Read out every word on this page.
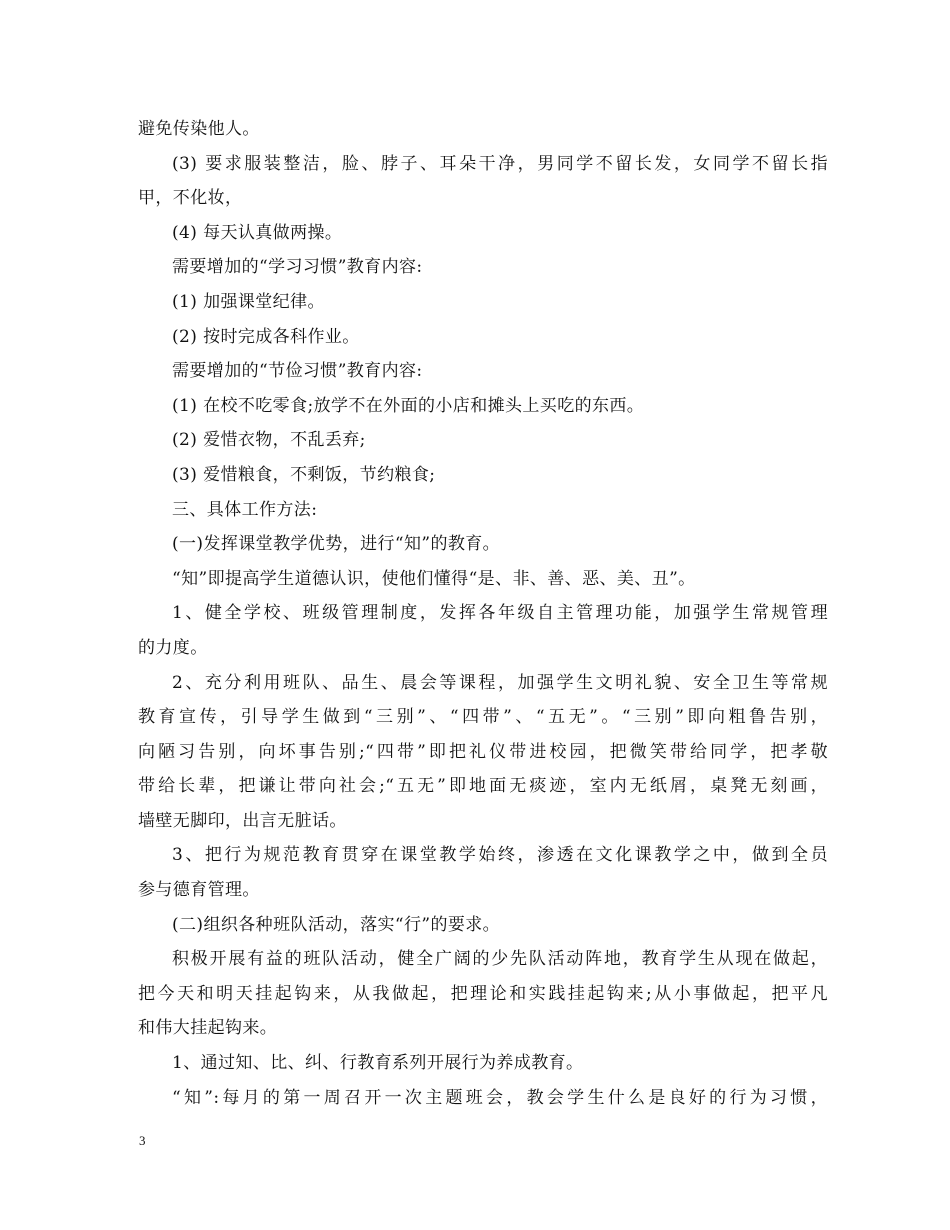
避免传染他人。
(3) 要求服装整洁，脸、脖子、耳朵干净，男同学不留长发，女同学不留长指
甲，不化妆，
(4) 每天认真做两操。
需要增加的“学习习惯”教育内容:
(1) 加强课堂纪律。
(2) 按时完成各科作业。
需要增加的“节俭习惯”教育内容:
(1) 在校不吃零食;放学不在外面的小店和摊头上买吃的东西。
(2) 爱惜衣物，不乱丢弃;
(3) 爱惜粮食，不剩饭，节约粮食;
三、具体工作方法:
(一)发挥课堂教学优势，进行“知”的教育。
“知”即提高学生道德认识，使他们懂得“是、非、善、恶、美、丑”。
1、健全学校、班级管理制度，发挥各年级自主管理功能，加强学生常规管理
的力度。
2、充分利用班队、品生、晨会等课程，加强学生文明礼貌、安全卫生等常规
教育宣传，引导学生做到“三别”、“四带”、“五无”。“三别”即向粗鲁告别，
向陋习告别，向坏事告别;“四带”即把礼仪带进校园，把微笑带给同学，把孝敬
带给长辈，把谦让带向社会;“五无”即地面无痰迹，室内无纸屑，桌凳无刻画，
墙壁无脚印，出言无脏话。
3、把行为规范教育贯穿在课堂教学始终，渗透在文化课教学之中，做到全员
参与德育管理。
(二)组织各种班队活动，落实“行”的要求。
积极开展有益的班队活动，健全广阔的少先队活动阵地，教育学生从现在做起，
把今天和明天挂起钩来，从我做起，把理论和实践挂起钩来;从小事做起，把平凡
和伟大挂起钩来。
1、通过知、比、纠、行教育系列开展行为养成教育。
“知”:每月的第一周召开一次主题班会，教会学生什么是良好的行为习惯，
3
